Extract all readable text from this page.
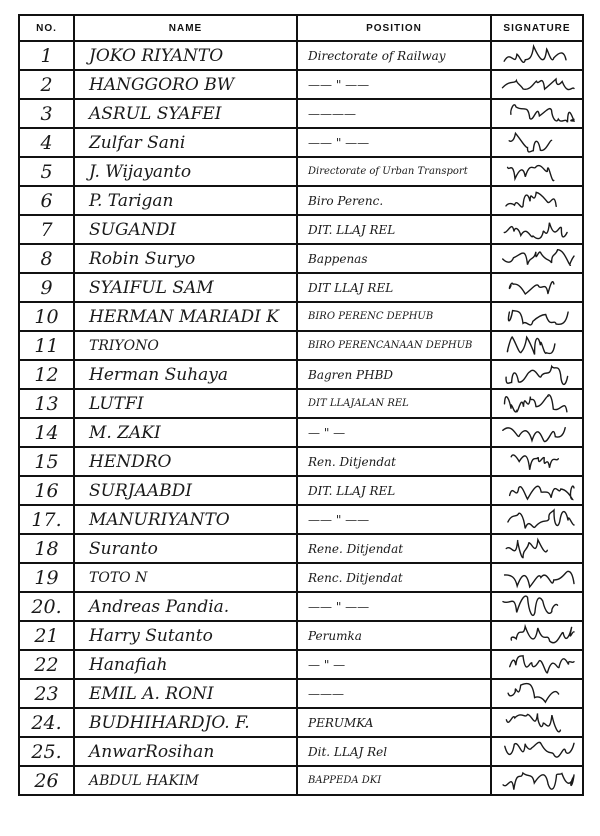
NO.	NAME	POSITION	SIGNATURE
1	JOKO RIYANTO	Directorate of Railway	

2	HANGGORO BW	—— " ——	

3	ASRUL SYAFEI	————	

4	Zulfar Sani	—— " ——	

5	J. Wijayanto	Directorate of Urban Transport	

6	P. Tarigan	Biro Perenc.	

7	SUGANDI	DIT. LLAJ REL	

8	Robin Suryo	Bappenas	

9	SYAIFUL SAM	DIT LLAJ REL	

10	HERMAN MARIADI K	BIRO PERENC DEPHUB	

11	TRIYONO	BIRO PERENCANAAN DEPHUB	

12	Herman Suhaya	Bagren PHBD	

13	LUTFI	DIT LLAJALAN REL	

14	M. ZAKI	— " —	

15	HENDRO	Ren. Ditjendat	

16	SURJAABDI	DIT. LLAJ REL	

17.	MANURIYANTO	—— " ——	

18	Suranto	Rene. Ditjendat	

19	TOTO N	Renc. Ditjendat	

20.	Andreas Pandia.	—— " ——	

21	Harry Sutanto	Perumka	

22	Hanafiah	— " —	

23	EMIL A. RONI	———	

24.	BUDHIHARDJO. F.	PERUMKA	

25.	AnwarRosihan	Dit. LLAJ Rel	

26	ABDUL HAKIM	BAPPEDA DKI	
